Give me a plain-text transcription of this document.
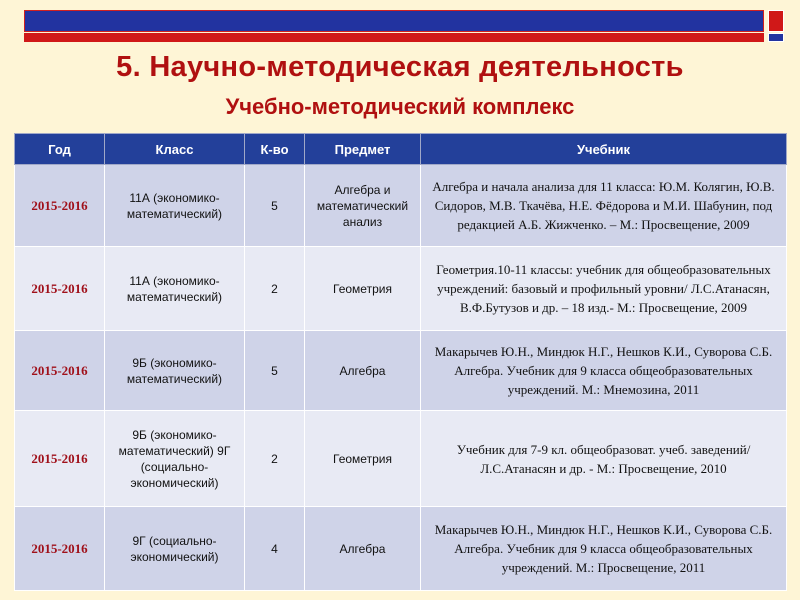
5. Научно-методическая деятельность
Учебно-методический комплекс
Год	Класс	К-во	Предмет	Учебник
2015-2016	11А (экономико-математический)	5	Алгебра и математический анализ	Алгебра и начала анализа для 11 класса: Ю.М. Колягин, Ю.В. Сидоров, М.В. Ткачёва, Н.Е. Фёдорова и М.И. Шабунин, под редакцией А.Б. Жижченко. – М.: Просвещение, 2009
2015-2016	11А (экономико-математический)	2	Геометрия	Геометрия.10-11 классы: учебник для общеобразовательных учреждений: базовый и профильный уровни/ Л.С.Атанасян, В.Ф.Бутузов и др. – 18 изд.- М.: Просвещение, 2009
2015-2016	9Б (экономико-математический)	5	Алгебра	Макарычев Ю.Н., Миндюк Н.Г., Нешков К.И., Суворова С.Б. Алгебра. Учебник для 9 класса общеобразовательных учреждений. М.: Мнемозина, 2011
2015-2016	9Б (экономико-математический) 9Г (социально-экономический)	2	Геометрия	Учебник для 7-9 кл. общеобразоват. учеб. заведений/ Л.С.Атанасян и др. - М.: Просвещение, 2010
2015-2016	9Г (социально-экономический)	4	Алгебра	Макарычев Ю.Н., Миндюк Н.Г., Нешков К.И., Суворова С.Б. Алгебра. Учебник для 9 класса общеобразовательных учреждений. М.: Просвещение, 2011
